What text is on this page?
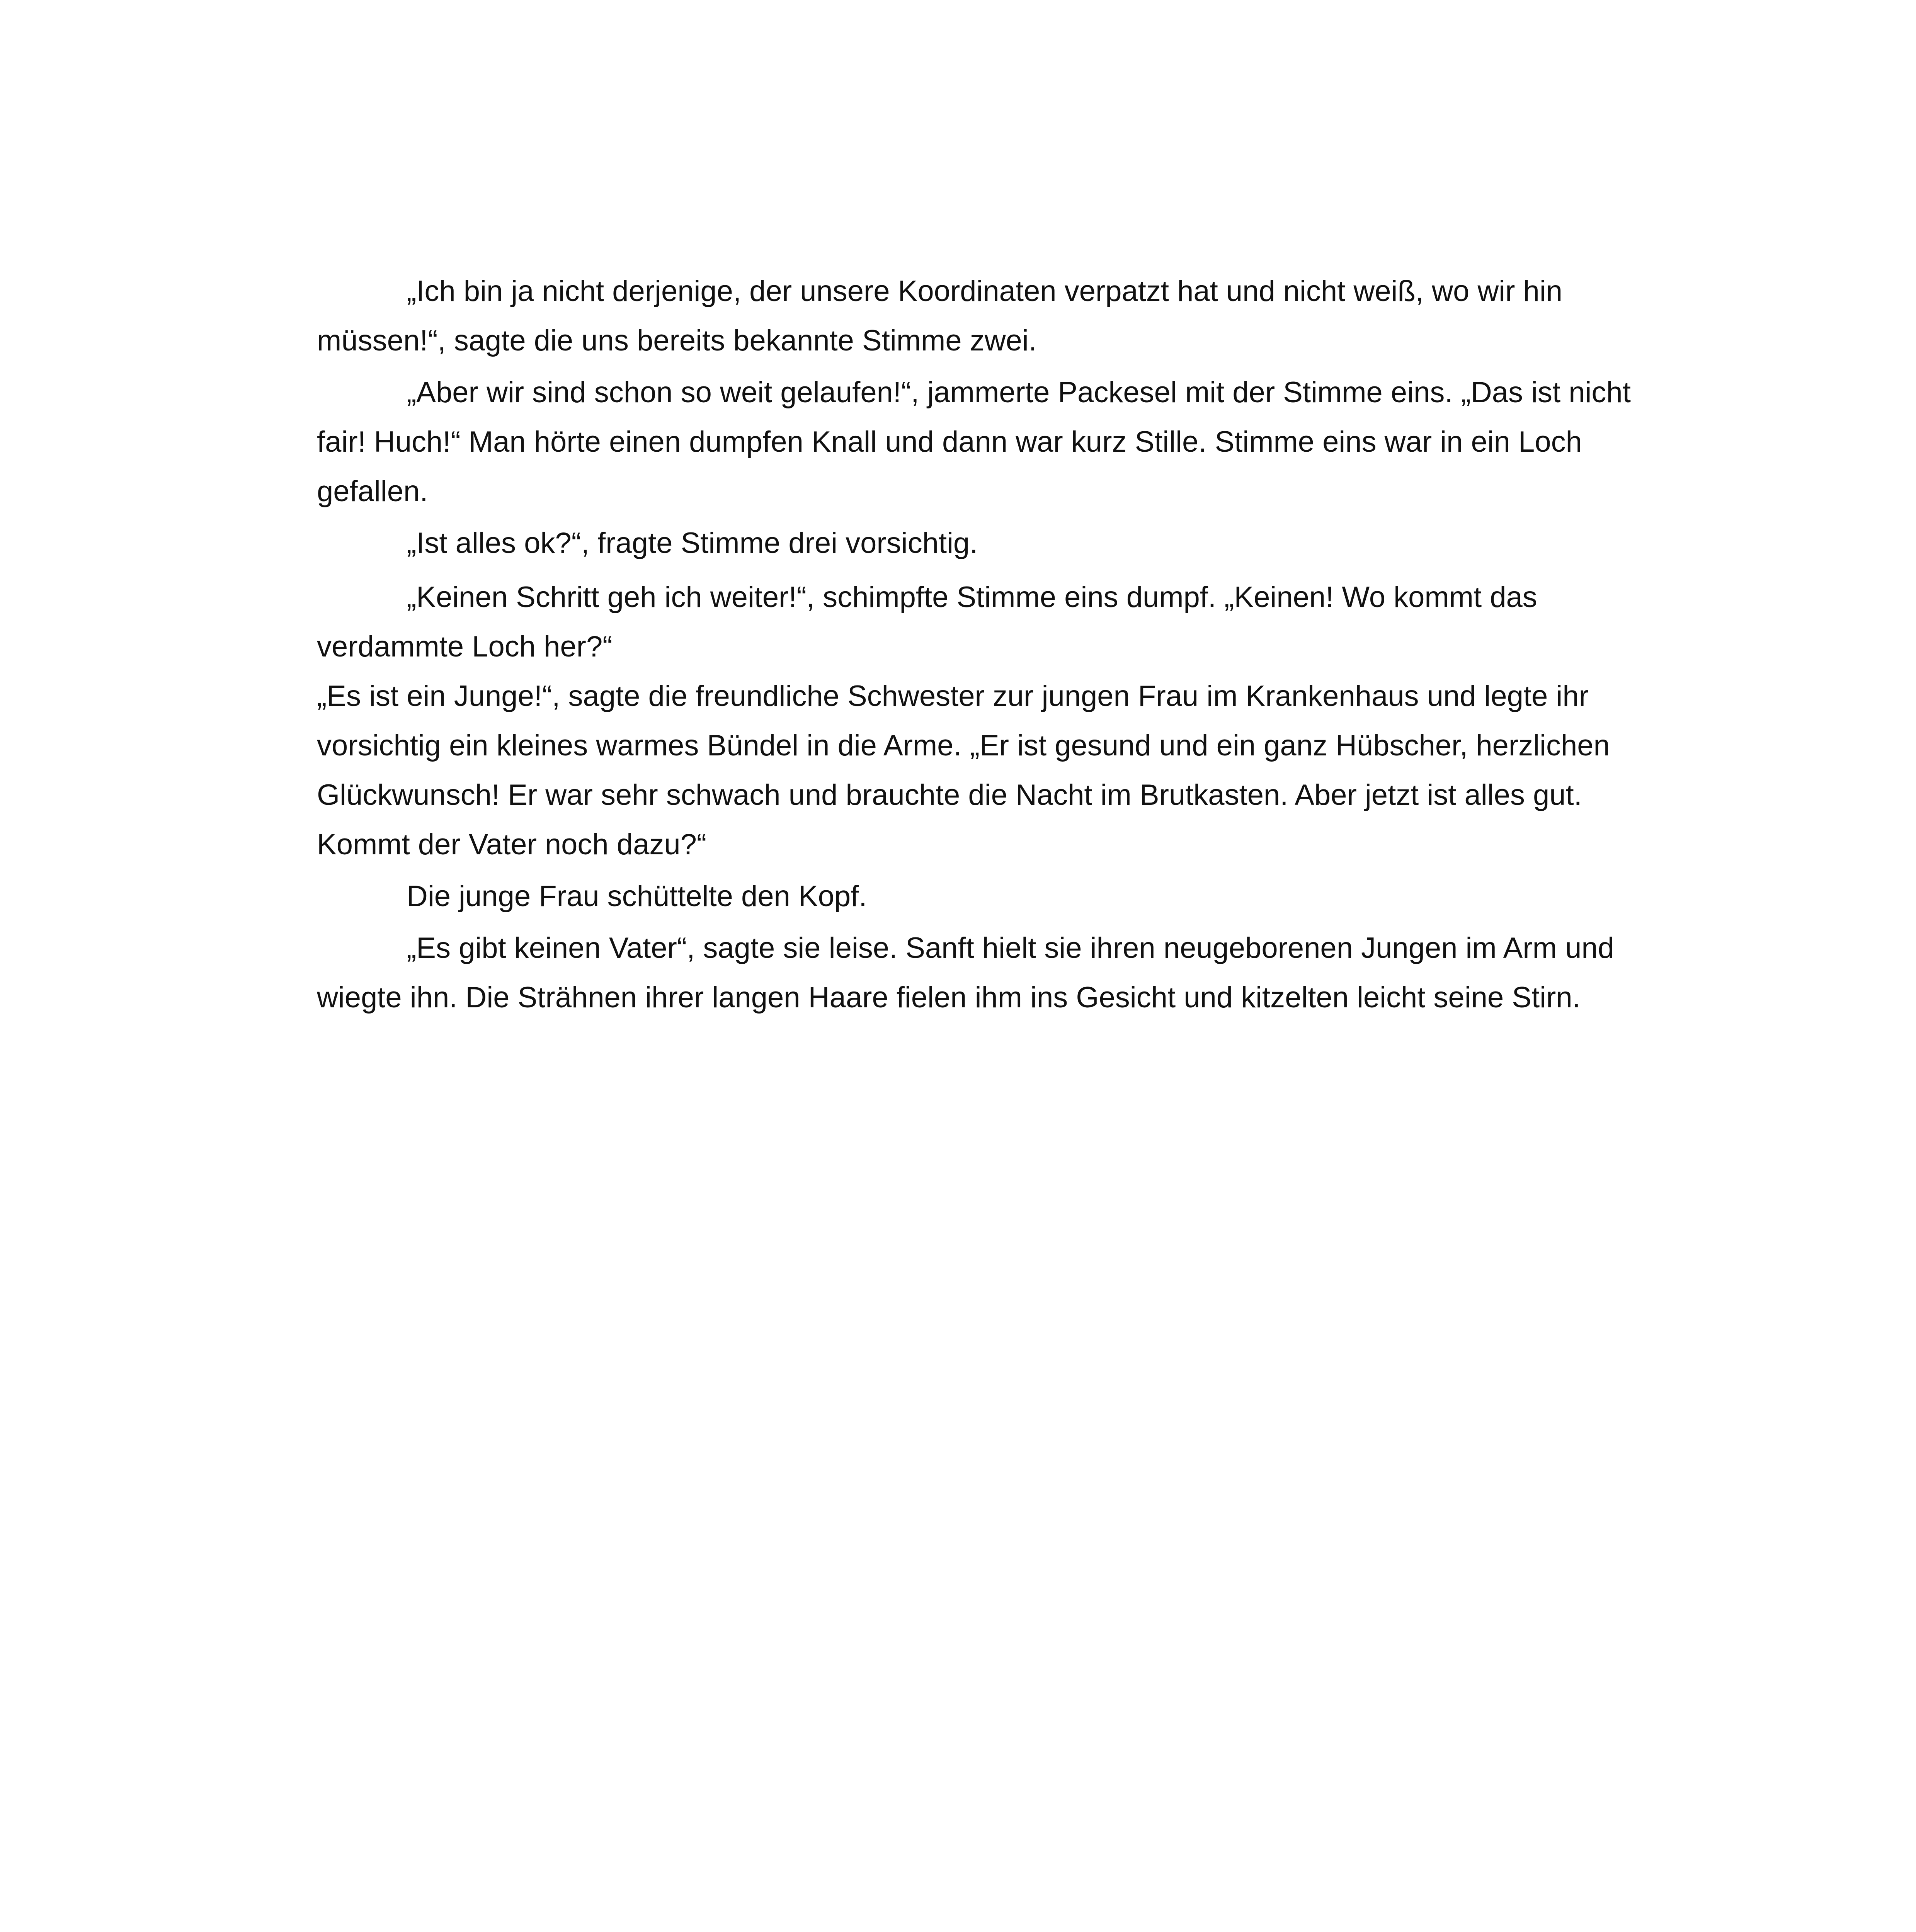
„Ich bin ja nicht derjenige, der unsere Koordinaten verpatzt hat und nicht weiß, wo wir hin müssen!“, sagte die uns bereits bekannte Stimme zwei.

„Aber wir sind schon so weit gelaufen!“, jammerte Packesel mit der Stimme eins. „Das ist nicht fair! Huch!“ Man hörte einen dumpfen Knall und dann war kurz Stille. Stimme eins war in ein Loch gefallen.

„Ist alles ok?“, fragte Stimme drei vorsichtig.

„Keinen Schritt geh ich weiter!“, schimpfte Stimme eins dumpf. „Keinen! Wo kommt das verdammte Loch her?“

„Es ist ein Junge!“, sagte die freundliche Schwester zur jungen Frau im Krankenhaus und legte ihr vorsichtig ein kleines warmes Bündel in die Arme. „Er ist gesund und ein ganz Hübscher, herzlichen Glückwunsch! Er war sehr schwach und brauchte die Nacht im Brutkasten. Aber jetzt ist alles gut. Kommt der Vater noch dazu?“

Die junge Frau schüttelte den Kopf.

„Es gibt keinen Vater“, sagte sie leise. Sanft hielt sie ihren neugeborenen Jungen im Arm und wiegte ihn. Die Strähnen ihrer langen Haare fielen ihm ins Gesicht und kitzelten leicht seine Stirn.
